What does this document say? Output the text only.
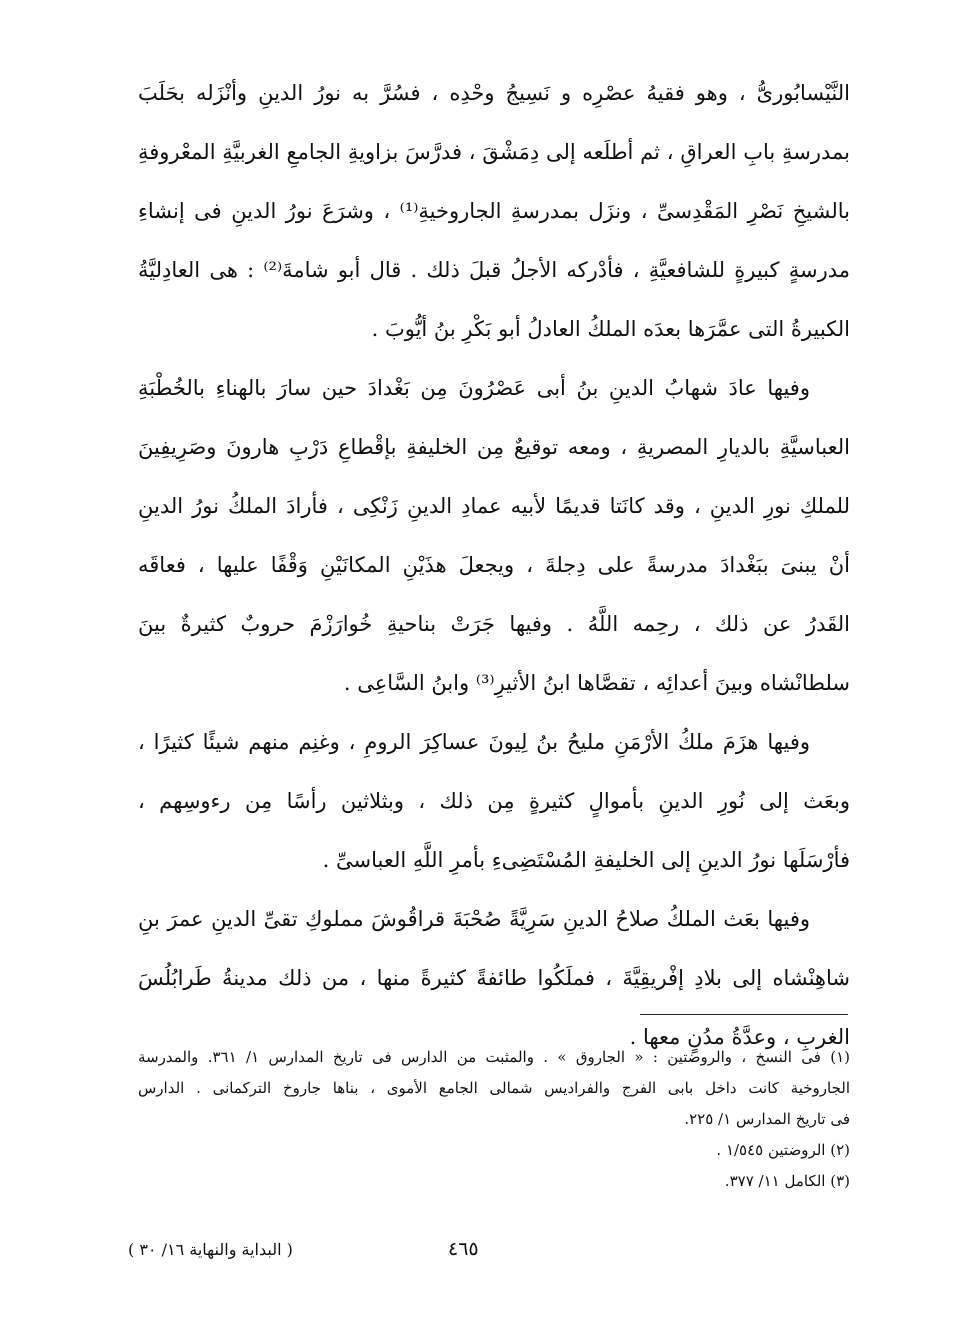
النَّيْسابُورىُّ ، وهو فقيهُ عصْرِه و نَسِيجُ وحْدِه ، فسُرَّ به نورُ الدينِ وأنْزَله بحَلَبَ
بمدرسةِ بابِ العراقِ ، ثم أطلَعه إلى دِمَشْقَ ، فدرَّسَ بزاويةِ الجامعِ الغربيَّةِ المعْروفةِ
بالشيخِ نَصْرِ المَقْدِسىِّ ، ونزَل بمدرسةِ الجاروخيةِ⁽¹⁾ ، وشرَعَ نورُ الدينِ فى إنشاءِ
مدرسةٍ كبيرةٍ للشافعيَّةِ ، فأدْركه الأجلُ قبلَ ذلك . قال أبو شامةَ⁽²⁾ : هى العادِليَّةُ
الكبيرةُ التى عمَّرَها بعدَه الملكُ العادلُ أبو بَكْرِ بنُ أيُّوبَ .
وفيها عادَ شهابُ الدينِ بنُ أبى عَصْرُونَ مِن بَغْدادَ حين سارَ بالهناءِ بالخُطْبَةِ
العباسيَّةِ بالديارِ المصريةِ ، ومعه توقيعٌ مِن الخليفةِ بإقْطاعِ دَرْبِ هارونَ وصَرِيفِينَ
للملكِ نورِ الدينِ ، وقد كانَتا قديمًا لأبيه عمادِ الدينِ زَنْكِى ، فأرادَ الملكُ نورُ الدينِ
أنْ يبنىَ ببَغْدادَ مدرسةً على دِجلةَ ، ويجعلَ هذَيْنِ المكانَيْنِ وَقْفًا عليها ، فعاقَه
القَدرُ عن ذلك ، رحِمه اللَّهُ . وفيها جَرَتْ بناحيةِ خُوارَزْمَ حروبٌ كثيرةٌ بينَ
سلطانْشاه وبينَ أعدائِه ، تقصَّاها ابنُ الأثيرِ⁽³⁾ وابنُ السَّاعِى .
وفيها هزَمَ ملكُ الأرْمَنِ مليحُ بنُ لِيونَ عساكِرَ الرومِ ، وغنِم منهم شيئًا كثيرًا ،
وبعَث إلى نُورِ الدينِ بأموالٍ كثيرةٍ مِن ذلك ، وبثلاثين رأسًا مِن رءوسِهم ،
فأرْسَلَها نورُ الدينِ إلى الخليفةِ المُسْتَضِىءِ بأمرِ اللَّهِ العباسىِّ .
وفيها بعَث الملكُ صلاحُ الدينِ سَرِيَّةً صُحْبَةَ قراقُوشَ مملوكِ تقىِّ الدينِ عمرَ بنِ
شاهِنْشاه إلى بلادِ إفْريقِيَّةَ ، فملَكُوا طائفةً كثيرةً منها ، من ذلك مدينةُ طَرابُلُسَ
الغربِ ، وعدَّةُ مدُنٍ معها .
(١) فى النسخ ، والروضتين : « الجاروق » . والمثبت من الدارس فى تاريخ المدارس ١/ ٣٦١. والمدرسة
الجاروخية كانت داخل بابى الفرج والفراديس شمالى الجامع الأموى ، بناها جاروخ التركمانى . الدارس
فى تاريخ المدارس ١/ ٢٢٥.
(٢) الروضتين ١/٥٤٥ .
(٣) الكامل ١١/ ٣٧٧.
٤٦٥
( البداية والنهاية ١٦/ ٣٠ )
